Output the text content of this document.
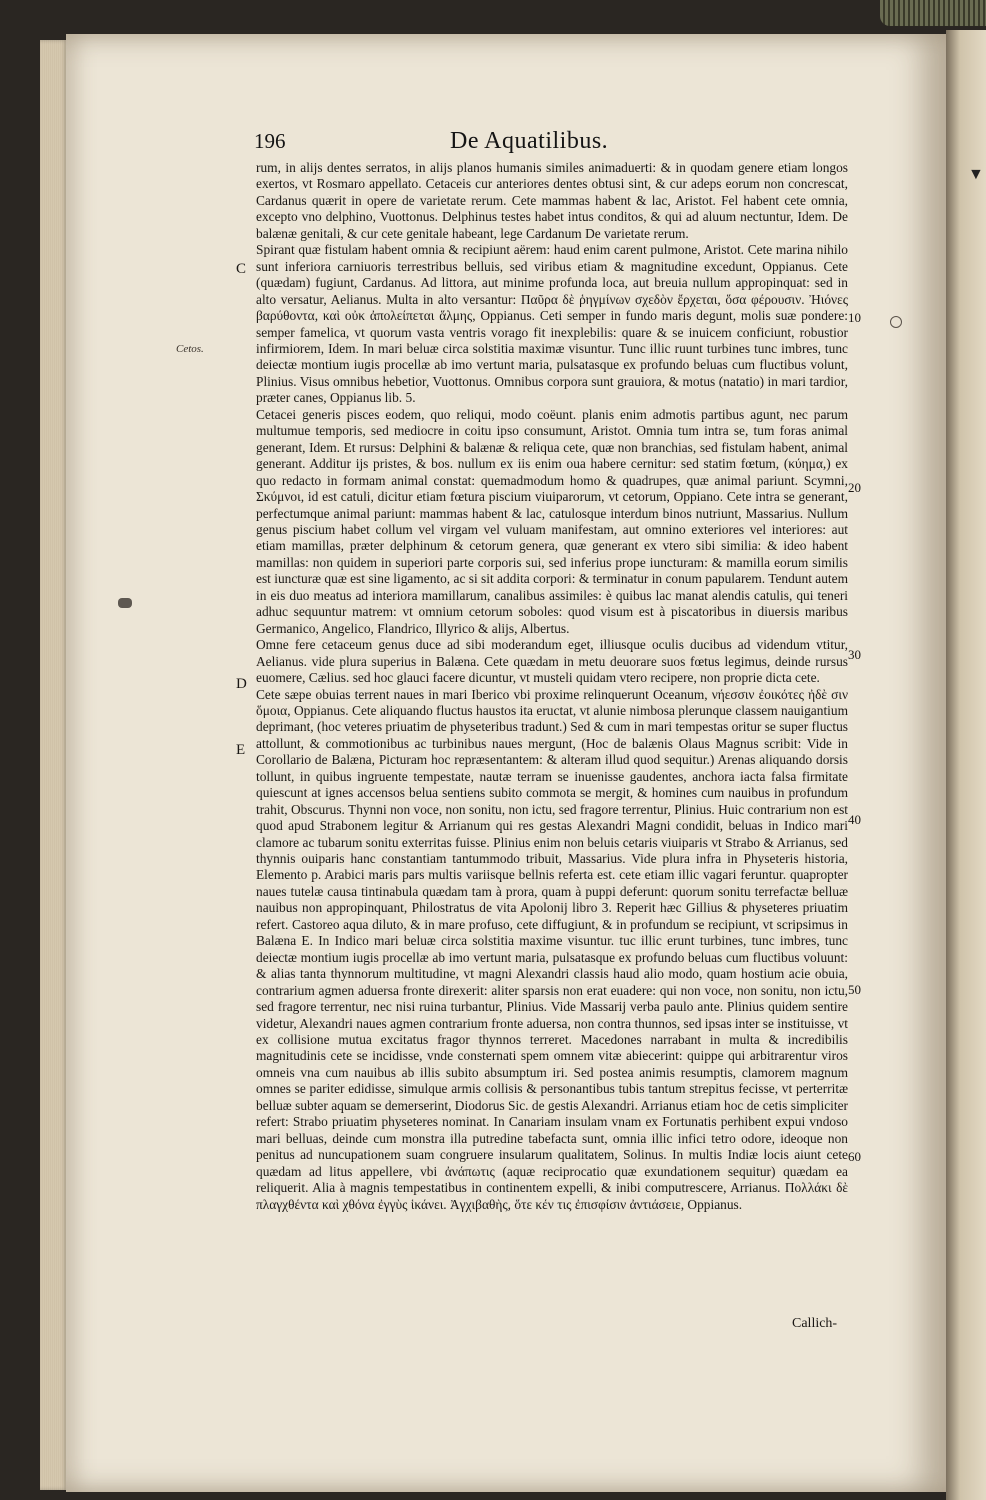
196	De Aquatilibus.
▼
Cetos.
C
D
E
10
20
30
40
50
60

rum, in alijs dentes serratos, in alijs planos humanis similes animaduerti: & in quodam genere etiam longos exertos, vt Rosmaro appellato. Cetaceis cur anteriores dentes obtusi sint, & cur adeps eorum non concrescat, Cardanus quærit in opere de varietate rerum. Cete mammas habent & lac, Aristot. Fel habent cete omnia, excepto vno delphino, Vuottonus. Delphinus testes habet intus conditos, & qui ad aluum nectuntur, Idem. De balænæ genitali, & cur cete genitale habeant, lege Cardanum De varietate rerum.

Spirant quæ fistulam habent omnia & recipiunt aërem: haud enim carent pulmone, Aristot. Cete marina nihilo sunt inferiora carniuoris terrestribus belluis, sed viribus etiam & magnitudine excedunt, Oppianus. Cete (quædam) fugiunt, Cardanus. Ad littora, aut minime profunda loca, aut breuia nullum appropinquat: sed in alto versatur, Aelianus. Multa in alto versantur: Παῦρα δὲ ῥηγμίνων σχεδὸν ἔρχεται, ὅσα φέρουσιν. Ἠιόνες βαρύθοντα, καὶ οὐκ ἀπολείπεται ἅλμης, Oppianus. Ceti semper in fundo maris degunt, molis suæ pondere: semper famelica, vt quorum vasta ventris vorago fit inexplebilis: quare & se inuicem conficiunt, robustior infirmiorem, Idem. In mari beluæ circa solstitia maximæ visuntur. Tunc illic ruunt turbines tunc imbres, tunc deiectæ montium iugis procellæ ab imo vertunt maria, pulsatasque ex profundo beluas cum fluctibus volunt, Plinius. Visus omnibus hebetior, Vuottonus. Omnibus corpora sunt grauiora, & motus (natatio) in mari tardior, præter canes, Oppianus lib. 5.

Cetacei generis pisces eodem, quo reliqui, modo coëunt. planis enim admotis partibus agunt, nec parum multumue temporis, sed mediocre in coitu ipso consumunt, Aristot. Omnia tum intra se, tum foras animal generant, Idem. Et rursus: Delphini & balænæ & reliqua cete, quæ non branchias, sed fistulam habent, animal generant. Additur ijs pristes, & bos. nullum ex iis enim oua habere cernitur: sed statim fœtum, (κύημα,) ex quo redacto in formam animal constat: quemadmodum homo & quadrupes, quæ animal pariunt. Scymni, Σκύμνοι, id est catuli, dicitur etiam fœtura piscium viuiparorum, vt cetorum, Oppiano. Cete intra se generant, perfectumque animal pariunt: mammas habent & lac, catulosque interdum binos nutriunt, Massarius. Nullum genus piscium habet collum vel virgam vel vuluam manifestam, aut omnino exteriores vel interiores: aut etiam mamillas, præter delphinum & cetorum genera, quæ generant ex vtero sibi similia: & ideo habent mamillas: non quidem in superiori parte corporis sui, sed inferius prope iuncturam: & mamilla eorum similis est iuncturæ quæ est sine ligamento, ac si sit addita corpori: & terminatur in conum papularem. Tendunt autem in eis duo meatus ad interiora mamillarum, canalibus assimiles: è quibus lac manat alendis catulis, qui teneri adhuc sequuntur matrem: vt omnium cetorum soboles: quod visum est à piscatoribus in diuersis maribus Germanico, Angelico, Flandrico, Illyrico & alijs, Albertus.

Omne fere cetaceum genus duce ad sibi moderandum eget, illiusque oculis ducibus ad videndum vtitur, Aelianus. vide plura superius in Balæna. Cete quædam in metu deuorare suos fœtus legimus, deinde rursus euomere, Cælius. sed hoc glauci facere dicuntur, vt musteli quidam vtero recipere, non proprie dicta cete.

Cete sæpe obuias terrent naues in mari Iberico vbi proxime relinquerunt Oceanum, νήεσσιν ἐοικότες ἠδὲ σιν ὅμοια, Oppianus. Cete aliquando fluctus haustos ita eructat, vt alunie nimbosa plerunque classem nauigantium deprimant, (hoc veteres priuatim de physeteribus tradunt.) Sed & cum in mari tempestas oritur se super fluctus attollunt, & commotionibus ac turbinibus naues mergunt, (Hoc de balænis Olaus Magnus scribit: Vide in Corollario de Balæna, Picturam hoc repræsentantem: & alteram illud quod sequitur.) Arenas aliquando dorsis tollunt, in quibus ingruente tempestate, nautæ terram se inuenisse gaudentes, anchora iacta falsa firmitate quiescunt at ignes accensos belua sentiens subito commota se mergit, & homines cum nauibus in profundum trahit, Obscurus. Thynni non voce, non sonitu, non ictu, sed fragore terrentur, Plinius. Huic contrarium non est quod apud Strabonem legitur & Arrianum qui res gestas Alexandri Magni condidit, beluas in Indico mari clamore ac tubarum sonitu exterritas fuisse. Plinius enim non beluis cetaris viuiparis vt Strabo & Arrianus, sed thynnis ouiparis hanc constantiam tantummodo tribuit, Massarius. Vide plura infra in Physeteris historia, Elemento p. Arabici maris pars multis variisque bellnis referta est. cete etiam illic vagari feruntur. quapropter naues tutelæ causa tintinabula quædam tam à prora, quam à puppi deferunt: quorum sonitu terrefactæ belluæ nauibus non appropinquant, Philostratus de vita Apolonij libro 3. Reperit hæc Gillius & physeteres priuatim refert. Castoreo aqua diluto, & in mare profuso, cete diffugiunt, & in profundum se recipiunt, vt scripsimus in Balæna E. In Indico mari beluæ circa solstitia maxime visuntur. tuc illic erunt turbines, tunc imbres, tunc deiectæ montium iugis procellæ ab imo vertunt maria, pulsatasque ex profundo beluas cum fluctibus voluunt: & alias tanta thynnorum multitudine, vt magni Alexandri classis haud alio modo, quam hostium acie obuia, contrarium agmen aduersa fronte direxerit: aliter sparsis non erat euadere: qui non voce, non sonitu, non ictu, sed fragore terrentur, nec nisi ruina turbantur, Plinius. Vide Massarij verba paulo ante. Plinius quidem sentire videtur, Alexandri naues agmen contrarium fronte aduersa, non contra thunnos, sed ipsas inter se instituisse, vt ex collisione mutua excitatus fragor thynnos terreret. Macedones narrabant in multa & incredibilis magnitudinis cete se incidisse, vnde consternati spem omnem vitæ abiecerint: quippe qui arbitrarentur viros omneis vna cum nauibus ab illis subito absumptum iri. Sed postea animis resumptis, clamorem magnum omnes se pariter edidisse, simulque armis collisis & personantibus tubis tantum strepitus fecisse, vt perterritæ belluæ subter aquam se demerserint, Diodorus Sic. de gestis Alexandri. Arrianus etiam hoc de cetis simpliciter refert: Strabo priuatim physeteres nominat. In Canariam insulam vnam ex Fortunatis perhibent expui vndoso mari belluas, deinde cum monstra illa putredine tabefacta sunt, omnia illic infici tetro odore, ideoque non penitus ad nuncupationem suam congruere insularum qualitatem, Solinus. In multis Indiæ locis aiunt cete quædam ad litus appellere, vbi ἀνάπωτις (aquæ reciprocatio quæ exundationem sequitur) quædam ea reliquerit. Alia à magnis tempestatibus in continentem expelli, & inibi computrescere, Arrianus. Πολλάκι δὲ πλαγχθέντα καὶ χθόνα ἐγγὺς ἱκάνει. Ἀγχιβαθὴς, ὅτε κέν τις ἐπισφίσιν ἀντιάσειε, Oppianus.

Callich-
